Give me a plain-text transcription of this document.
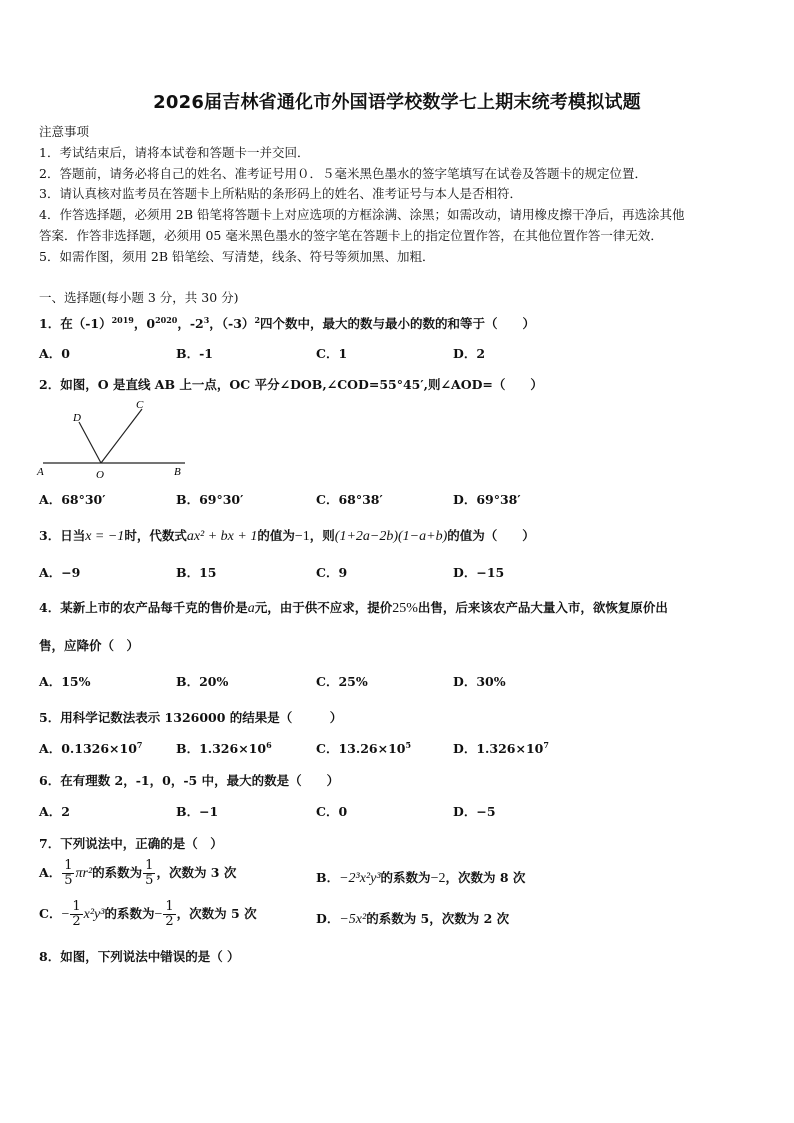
2026届吉林省通化市外国语学校数学七上期末统考模拟试题
注意事项
1．考试结束后，请将本试卷和答题卡一并交回．
2．答题前，请务必将自己的姓名、准考证号用０．５毫米黑色墨水的签字笔填写在试卷及答题卡的规定位置．
3．请认真核对监考员在答题卡上所粘贴的条形码上的姓名、准考证号与本人是否相符．
4．作答选择题，必须用 2B 铅笔将答题卡上对应选项的方框涂满、涂黑；如需改动，请用橡皮擦干净后，再选涂其他
答案．作答非选择题，必须用 05 毫米黑色墨水的签字笔在答题卡上的指定位置作答，在其他位置作答一律无效．
5．如需作图，须用 2B 铅笔绘、写清楚，线条、符号等须加黑、加粗．
一、选择题(每小题 3 分，共 30 分)
1．在$(-1)^{2019}$，$0^{2020}$，$-2^3$，$(-3)^2$四个数中，最大的数与最小的数的和等于（　　）
A．0	B．-1	C．1	D．2
2．如图，O 是直线 AB 上一点，OC 平分∠DOB,∠COD=55°45′,则∠AOD=（　　）
A	B
C
D
O
A．68°30′	B．69°30′	C．68°38′	D．69°38′
3．日当x = −1时，代数式ax² + bx + 1的值为−1，则(1+2a−2b)(1−a+b)的值为（　　）
A．−9	B．15	C．9	D．−15
4．某新上市的农产品每千克的售价是a元，由于供不应求，提价25%出售，后来该农产品大量入市，欲恢复原价出
售，应降价（　）
A．15%	B．20%	C．25%	D．30%
5．用科学记数法表示 1326000 的结果是（　　　）
A．$0.1326\times 10^7$	B．$1.326\times 10^6$	C．$13.26\times 10^5$	D．$1.326\times 10^7$
6．在有理数 2，-1，0，-5 中，最大的数是（　　）
A．2	B．−1	C．0	D．−5
7．下列说法中，正确的是（　）
A． $\frac{1}{5} \pi r^2$的系数为 $\frac{1}{5}$ ，次数为 3 次	B．−2³x²y³的系数为−2，次数为 8 次
C．− $\frac{1}{2} x^2y^3$的系数为− $\frac{1}{2}$ ，次数为 5 次	D．−5x²的系数为 5，次数为 2 次
8．如图，下列说法中错误的是（ ）
